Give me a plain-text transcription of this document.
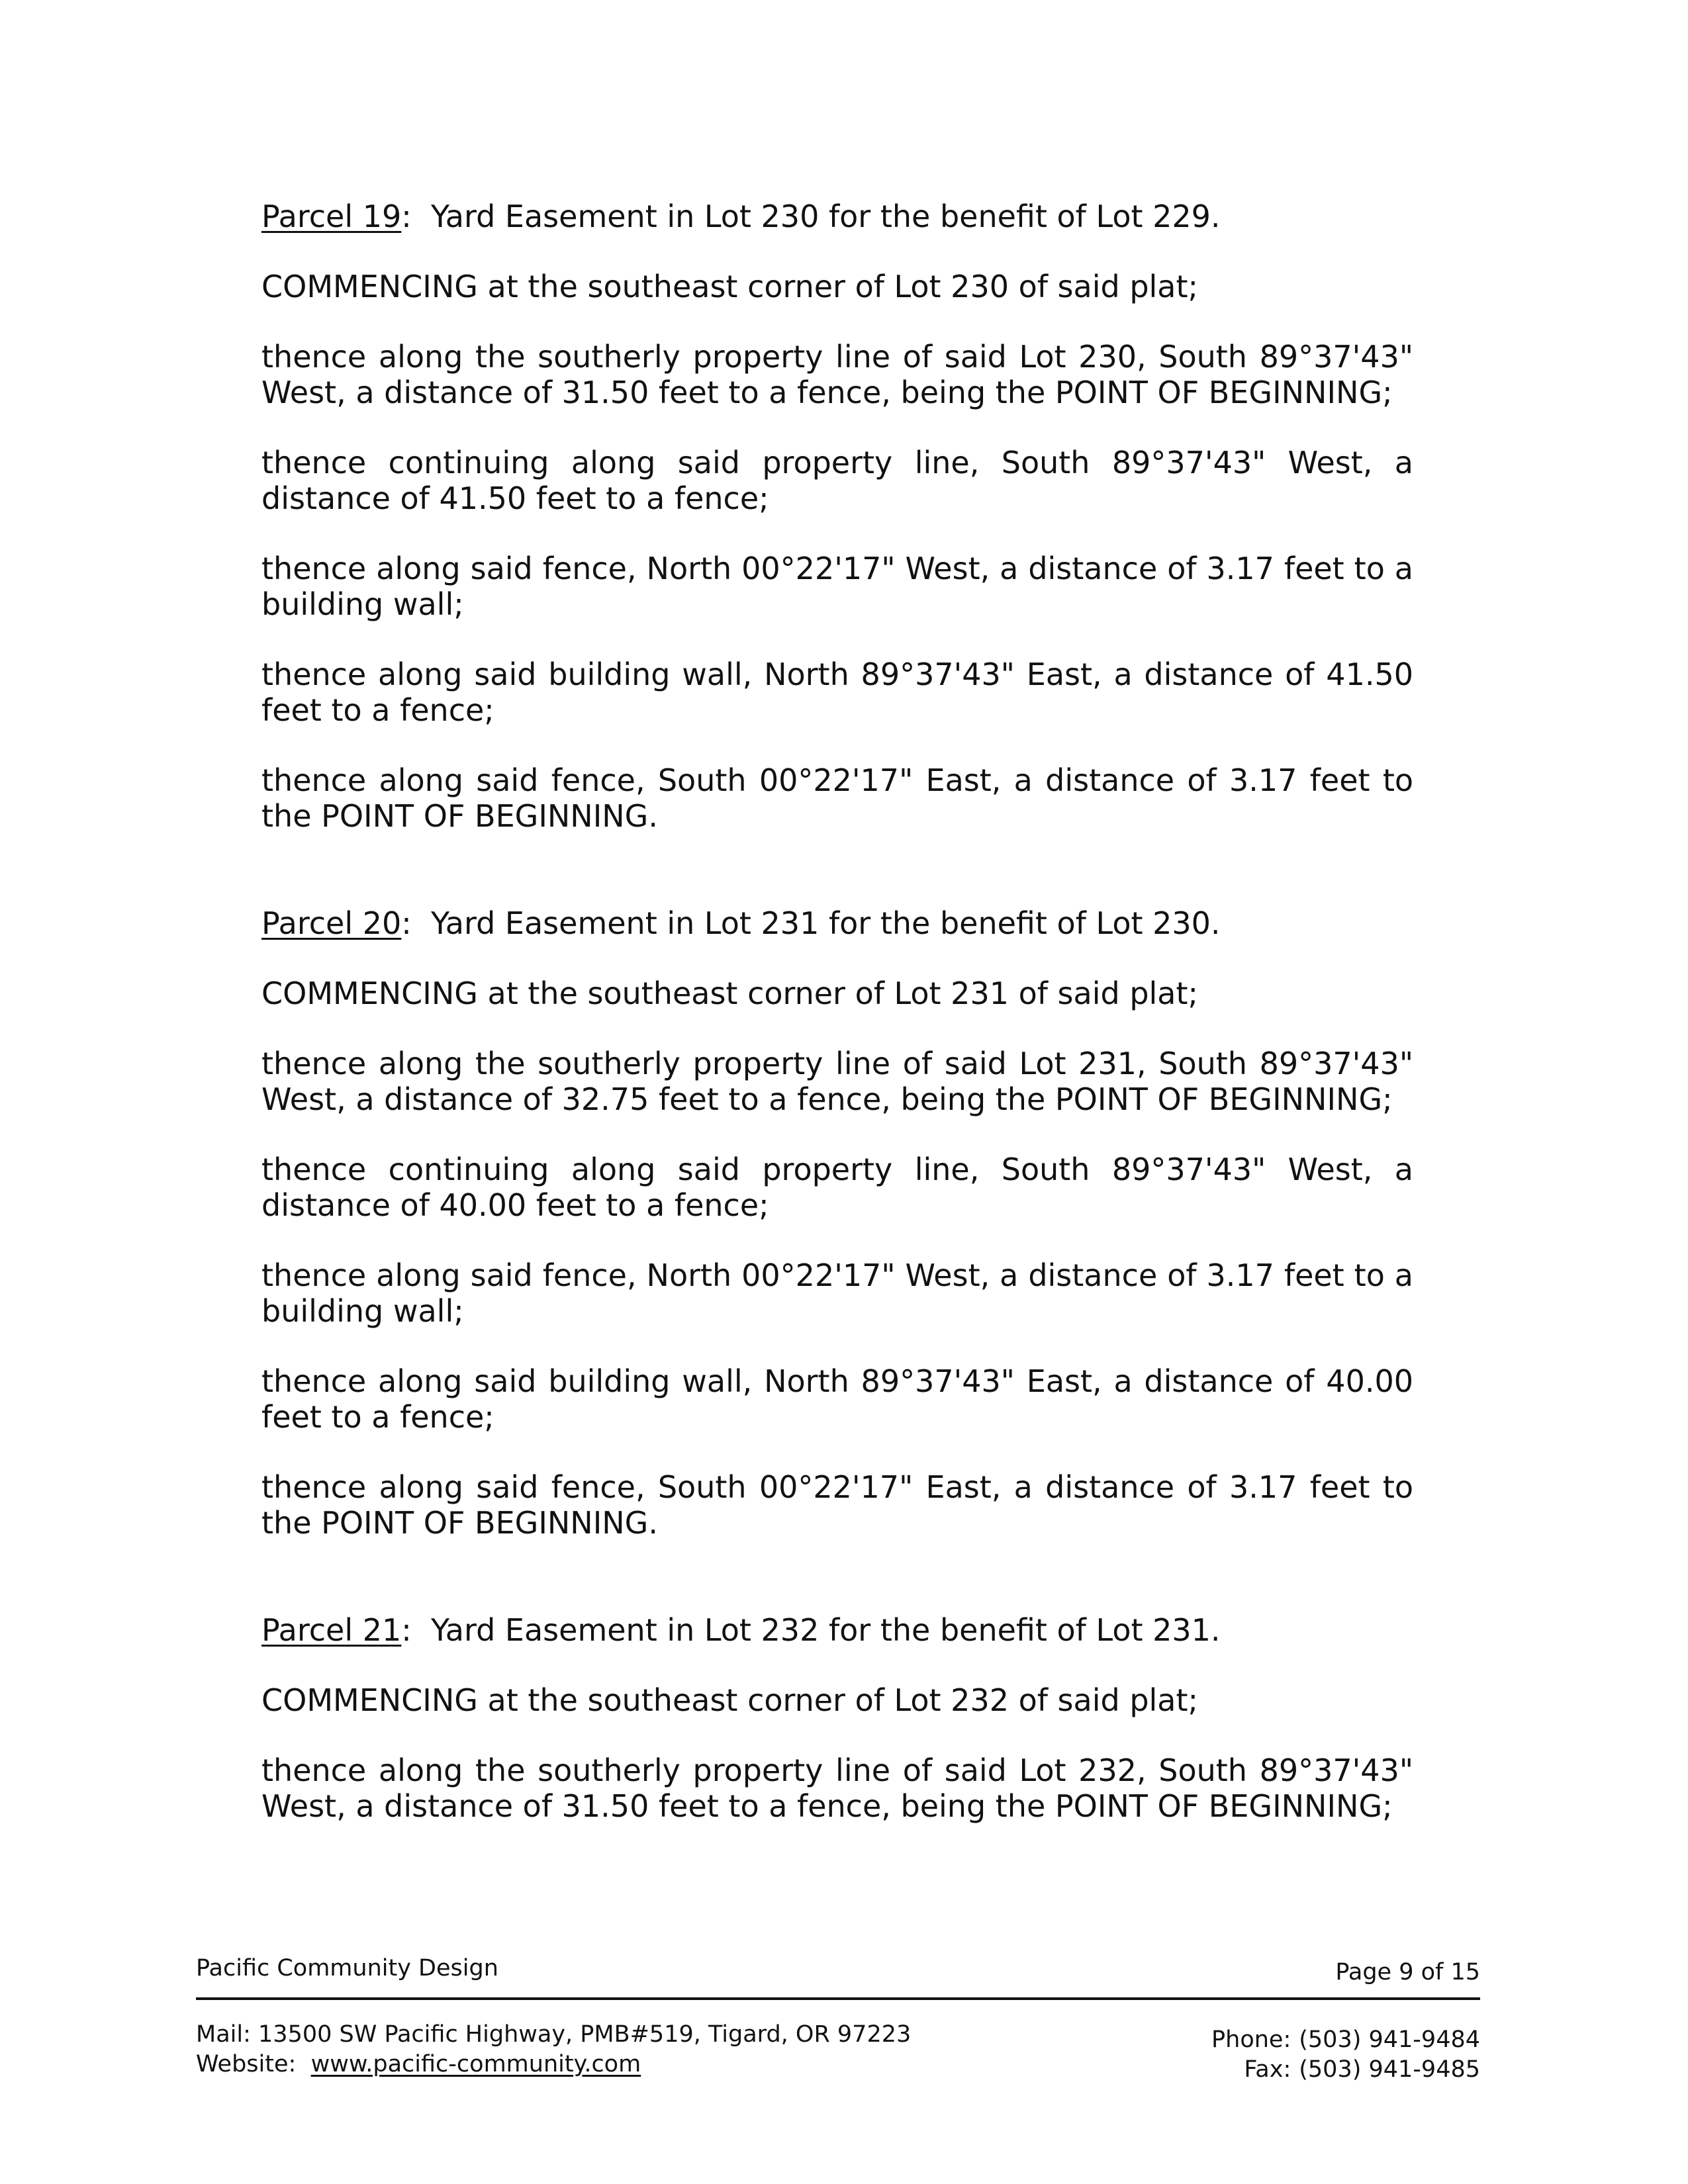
Parcel 19:  Yard Easement in Lot 230 for the benefit of Lot 229.
COMMENCING at the southeast corner of Lot 230 of said plat;
thence along the southerly property line of said Lot 230, South 89°37'43" West, a distance of 31.50 feet to a fence, being the POINT OF BEGINNING;
thence continuing along said property line, South 89°37'43" West, a distance of 41.50 feet to a fence;
thence along said fence, North 00°22'17" West, a distance of 3.17 feet to a building wall;
thence along said building wall, North 89°37'43" East, a distance of 41.50 feet to a fence;
thence along said fence, South 00°22'17" East, a distance of 3.17 feet to the POINT OF BEGINNING.
Parcel 20:  Yard Easement in Lot 231 for the benefit of Lot 230.
COMMENCING at the southeast corner of Lot 231 of said plat;
thence along the southerly property line of said Lot 231, South 89°37'43" West, a distance of 32.75 feet to a fence, being the POINT OF BEGINNING;
thence continuing along said property line, South 89°37'43" West, a distance of 40.00 feet to a fence;
thence along said fence, North 00°22'17" West, a distance of 3.17 feet to a building wall;
thence along said building wall, North 89°37'43" East, a distance of 40.00 feet to a fence;
thence along said fence, South 00°22'17" East, a distance of 3.17 feet to the POINT OF BEGINNING.
Parcel 21:  Yard Easement in Lot 232 for the benefit of Lot 231.
COMMENCING at the southeast corner of Lot 232 of said plat;
thence along the southerly property line of said Lot 232, South 89°37'43" West, a distance of 31.50 feet to a fence, being the POINT OF BEGINNING;
Pacific Community Design	Page 9 of 15
Mail: 13500 SW Pacific Highway, PMB#519, Tigard, OR 97223
Website: www.pacific-community.com
Phone: (503) 941-9484
Fax: (503) 941-9485
